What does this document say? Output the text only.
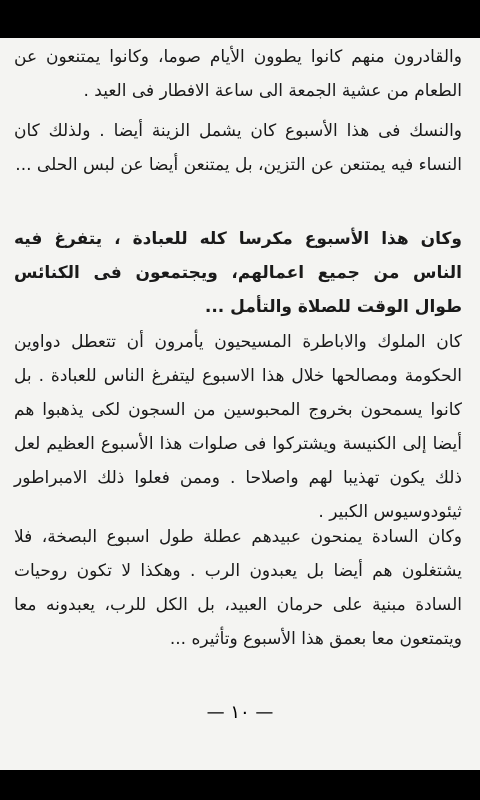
والقادرون منهم كانوا يطوون الأيام صوما، وكانوا يمتنعون عن الطعام من عشية الجمعة الى ساعة الافطار فى العيد .

والنسك فى هذا الأسبوع كان يشمل الزينة أيضا . ولذلك كان النساء فيه يمتنعن عن التزين، بل يمتنعن أيضا عن لبس الحلى ...

وكان هذا الأسبوع مكرسا كله للعبادة ، يتفرغ فيه الناس من جميع اعمالهم، ويجتمعون فى الكنائس طوال الوقت للصلاة والتأمل ...

كان الملوك والاباطرة المسيحيون يأمرون أن تتعطل دواوين الحكومة ومصالحها خلال هذا الاسبوع ليتفرغ الناس للعبادة . بل كانوا يسمحون بخروج المحبوسين من السجون لكى يذهبوا هم أيضا إلى الكنيسة ويشتركوا فى صلوات هذا الأسبوع العظيم لعل ذلك يكون تهذيبا لهم واصلاحا . وممن فعلوا ذلك الامبراطور ثيئودوسيوس الكبير .

وكان السادة يمنحون عبيدهم عطلة طول اسبوع البصخة، فلا يشتغلون هم أيضا بل يعبدون الرب . وهكذا لا تكون روحيات السادة مبنية على حرمان العبيد، بل الكل للرب، يعبدونه معا ويتمتعون معا بعمق هذا الأسبوع وتأثيره ...

— ١٠ —
